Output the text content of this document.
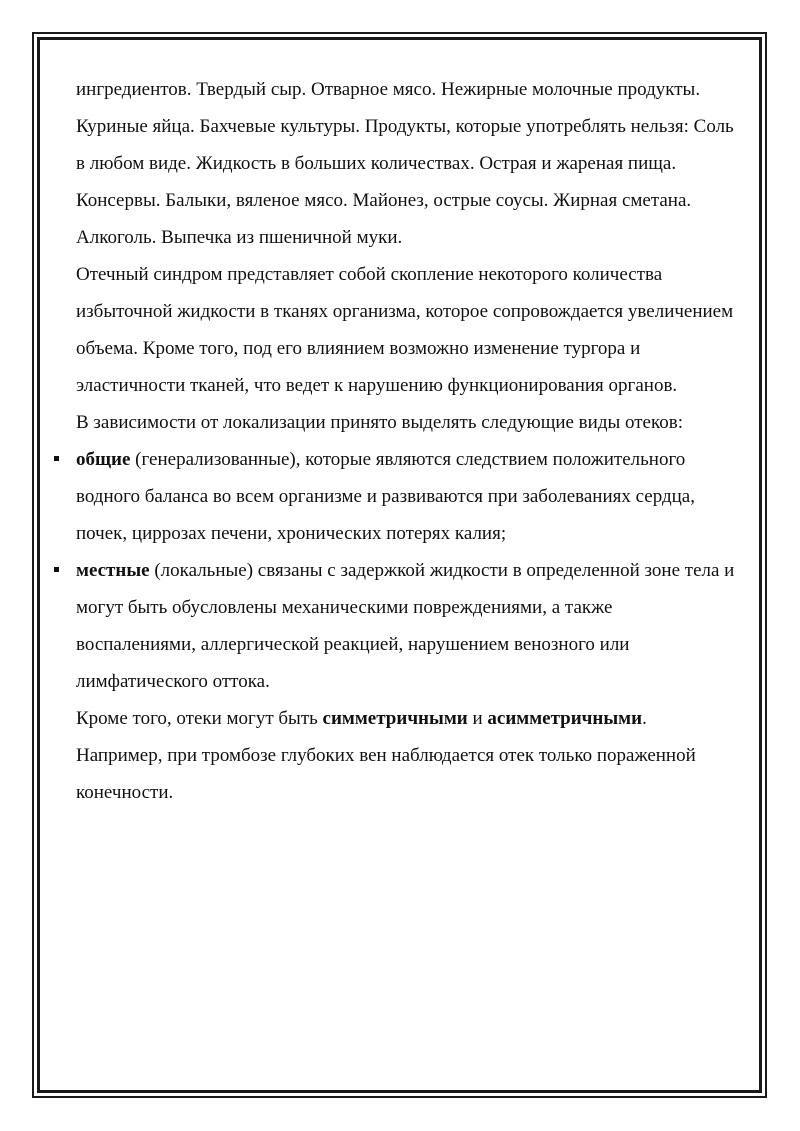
ингредиентов. Твердый сыр. Отварное мясо. Нежирные молочные продукты. Куриные яйца. Бахчевые культуры. Продукты, которые употреблять нельзя: Соль в любом виде. Жидкость в больших количествах. Острая и жареная пища. Консервы. Балыки, вяленое мясо. Майонез, острые соусы. Жирная сметана. Алкоголь. Выпечка из пшеничной муки.

Отечный синдром представляет собой скопление некоторого количества избыточной жидкости в тканях организма, которое сопровождается увеличением объема. Кроме того, под его влиянием возможно изменение тургора и эластичности тканей, что ведет к нарушению функционирования органов.

В зависимости от локализации принято выделять следующие виды отеков:

общие (генерализованные), которые являются следствием положительного водного баланса во всем организме и развиваются при заболеваниях сердца, почек, циррозах печени, хронических потерях калия;
местные (локальные) связаны с задержкой жидкости в определенной зоне тела и могут быть обусловлены механическими повреждениями, а также воспалениями, аллергической реакцией, нарушением венозного или лимфатического оттока.

Кроме того, отеки могут быть симметричными и асимметричными.

Например, при тромбозе глубоких вен наблюдается отек только пораженной конечности.
